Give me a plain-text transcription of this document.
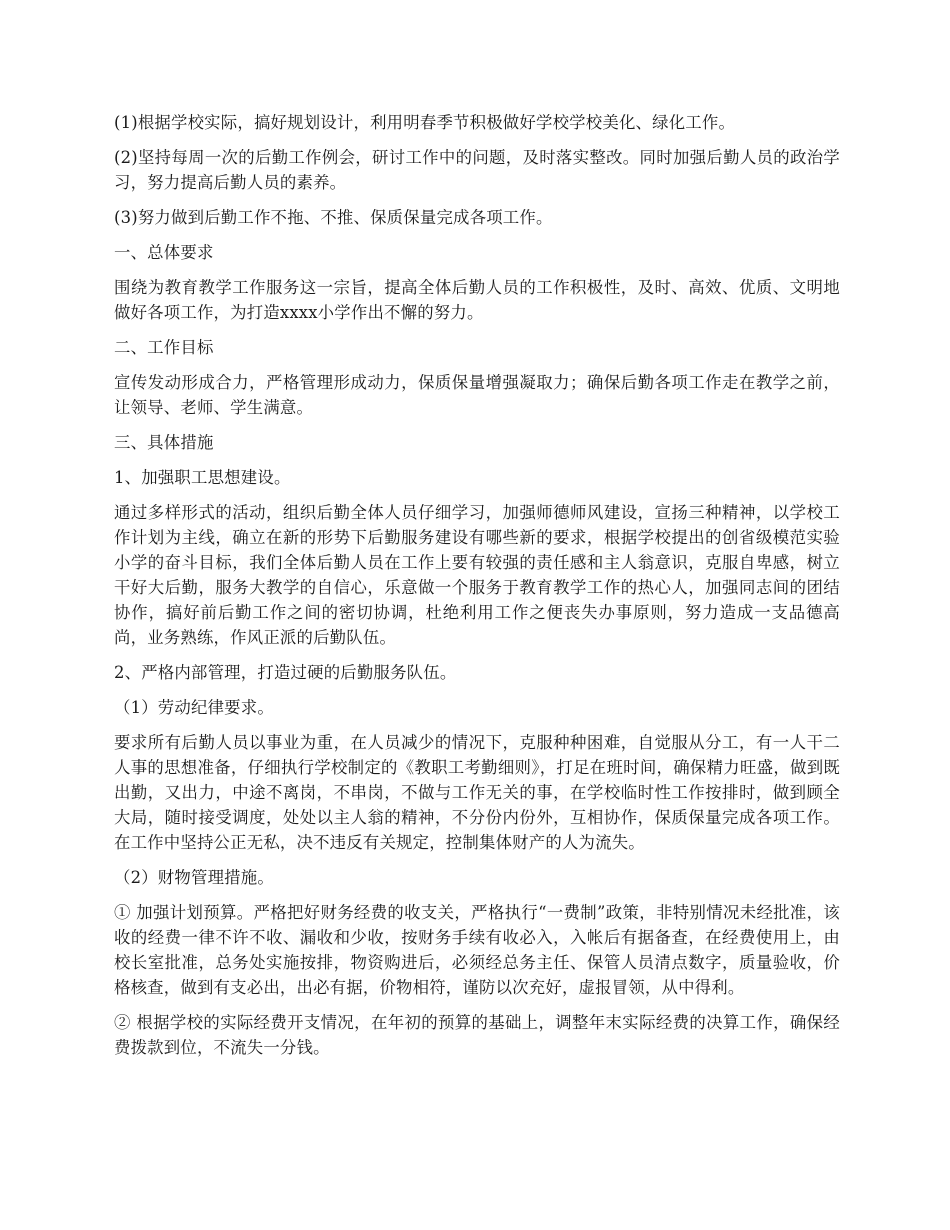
(1)根据学校实际，搞好规划设计，利用明春季节积极做好学校学校美化、绿化工作。

(2)坚持每周一次的后勤工作例会，研讨工作中的问题，及时落实整改。同时加强后勤人员的政治学习，努力提高后勤人员的素养。

(3)努力做到后勤工作不拖、不推、保质保量完成各项工作。

一、总体要求

围绕为教育教学工作服务这一宗旨，提高全体后勤人员的工作积极性，及时、高效、优质、文明地做好各项工作，为打造xxxx小学作出不懈的努力。

二、工作目标

宣传发动形成合力，严格管理形成动力，保质保量增强凝取力；确保后勤各项工作走在教学之前，让领导、老师、学生满意。

三、具体措施

1、加强职工思想建设。

通过多样形式的活动，组织后勤全体人员仔细学习，加强师德师风建设，宣扬三种精神，以学校工作计划为主线，确立在新的形势下后勤服务建设有哪些新的要求，根据学校提出的创省级模范实验小学的奋斗目标，我们全体后勤人员在工作上要有较强的责任感和主人翁意识，克服自卑感，树立干好大后勤，服务大教学的自信心，乐意做一个服务于教育教学工作的热心人，加强同志间的团结协作，搞好前后勤工作之间的密切协调，杜绝利用工作之便丧失办事原则，努力造成一支品德高尚，业务熟练，作风正派的后勤队伍。

2、严格内部管理，打造过硬的后勤服务队伍。

（1）劳动纪律要求。

要求所有后勤人员以事业为重，在人员减少的情况下，克服种种困难，自觉服从分工，有一人干二人事的思想准备，仔细执行学校制定的《教职工考勤细则》，打足在班时间，确保精力旺盛，做到既出勤，又出力，中途不离岗，不串岗，不做与工作无关的事，在学校临时性工作按排时，做到顾全大局，随时接受调度，处处以主人翁的精神，不分份内份外，互相协作，保质保量完成各项工作。在工作中坚持公正无私，决不违反有关规定，控制集体财产的人为流失。

（2）财物管理措施。

① 加强计划预算。严格把好财务经费的收支关，严格执行“一费制”政策，非特别情况未经批准，该收的经费一律不许不收、漏收和少收，按财务手续有收必入，入帐后有据备查，在经费使用上，由校长室批准，总务处实施按排，物资购进后，必须经总务主任、保管人员清点数字，质量验收，价格核查，做到有支必出，出必有据，价物相符，谨防以次充好，虚报冒领，从中得利。

② 根据学校的实际经费开支情况，在年初的预算的基础上，调整年末实际经费的决算工作，确保经费拨款到位，不流失一分钱。
